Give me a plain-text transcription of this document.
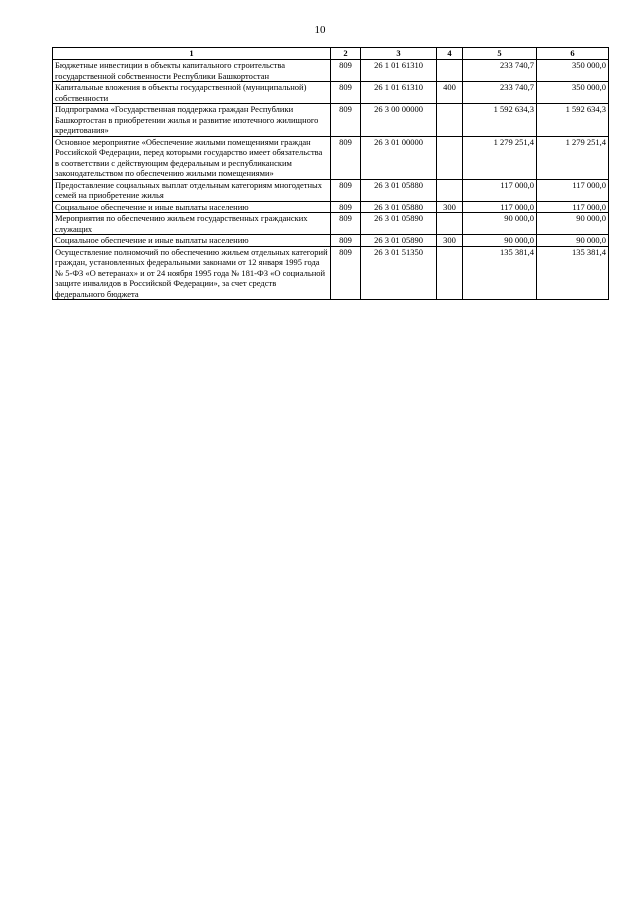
10
1	2	3	4	5	6
Бюджетные инвестиции в объекты капитального строительства государственной собственности Республики Башкортостан	809	26 1 01 61310		233 740,7	350 000,0
Капитальные вложения в объекты государственной (муниципальной) собственности	809	26 1 01 61310	400	233 740,7	350 000,0
Подпрограмма «Государственная поддержка граждан Республики Башкортостан в приобретении жилья и развитие ипотечного жилищного кредитования»	809	26 3 00 00000		1 592 634,3	1 592 634,3
Основное мероприятие «Обеспечение жилыми помещениями граждан Российской Федерации, перед которыми государство имеет обязательства в соответствии с действующим федеральным и республиканским законодательством по обеспечению жилыми помещениями»	809	26 3 01 00000		1 279 251,4	1 279 251,4
Предоставление социальных выплат отдельным категориям многодетных семей на приобретение жилья	809	26 3 01 05880		117 000,0	117 000,0
Социальное обеспечение и иные выплаты населению	809	26 3 01 05880	300	117 000,0	117 000,0
Мероприятия по обеспечению жильем государственных гражданских служащих	809	26 3 01 05890		90 000,0	90 000,0
Социальное обеспечение и иные выплаты населению	809	26 3 01 05890	300	90 000,0	90 000,0
Осуществление полномочий по обеспечению жильем отдельных категорий граждан, установленных федеральными законами от 12 января 1995 года № 5-ФЗ «О ветеранах» и от 24 ноября 1995 года № 181-ФЗ «О социальной защите инвалидов в Российской Федерации», за счет средств федерального бюджета	809	26 3 01 51350		135 381,4	135 381,4
